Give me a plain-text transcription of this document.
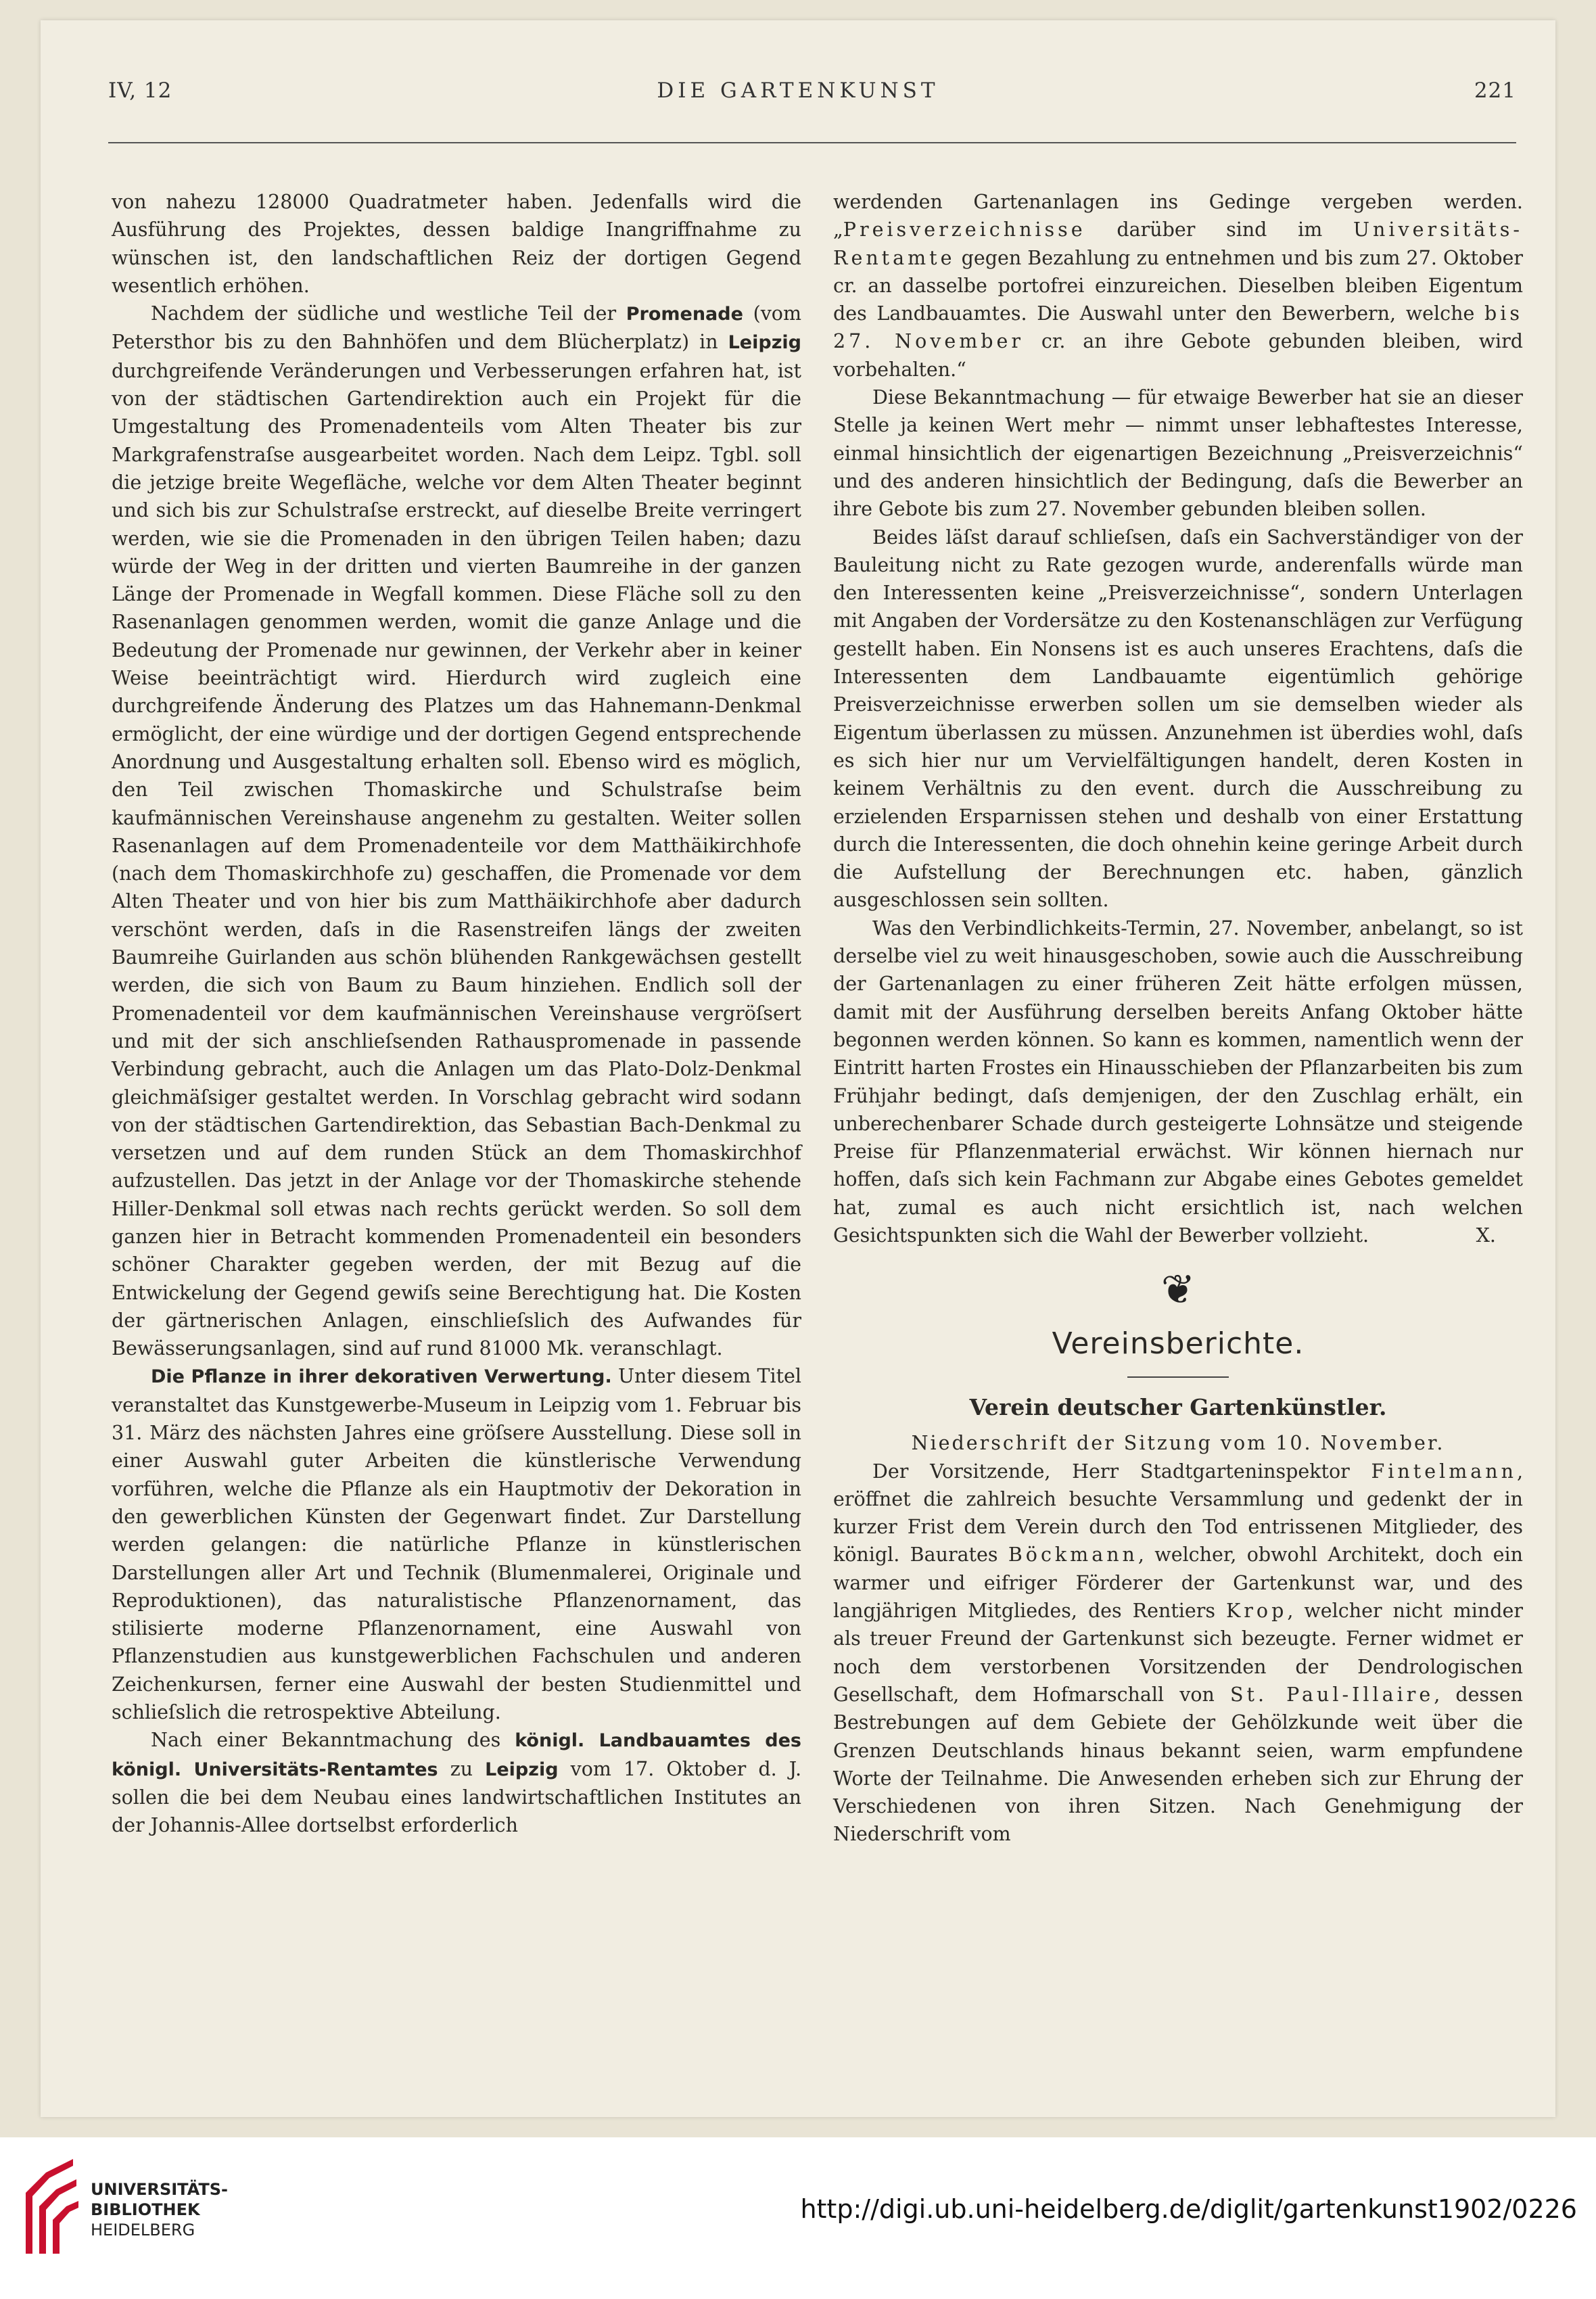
IV, 12	DIE GARTENKUNST	221

von nahezu 128000 Quadratmeter haben. Jedenfalls wird die Ausführung des Projektes, dessen baldige Inangriffnahme zu wünschen ist, den landschaftlichen Reiz der dortigen Gegend wesentlich erhöhen.

Nachdem der südliche und westliche Teil der Promenade (vom Petersthor bis zu den Bahnhöfen und dem Blücherplatz) in Leipzig durchgreifende Veränderungen und Verbesserungen erfahren hat, ist von der städtischen Gartendirektion auch ein Projekt für die Umgestaltung des Promenadenteils vom Alten Theater bis zur Markgrafenstraſse ausgearbeitet worden. Nach dem Leipz. Tgbl. soll die jetzige breite Wegefläche, welche vor dem Alten Theater beginnt und sich bis zur Schulstraſse erstreckt, auf dieselbe Breite verringert werden, wie sie die Promenaden in den übrigen Teilen haben; dazu würde der Weg in der dritten und vierten Baumreihe in der ganzen Länge der Promenade in Wegfall kommen. Diese Fläche soll zu den Rasenanlagen genommen werden, womit die ganze Anlage und die Bedeutung der Promenade nur gewinnen, der Verkehr aber in keiner Weise beeinträchtigt wird. Hierdurch wird zugleich eine durchgreifende Änderung des Platzes um das Hahnemann-Denkmal ermöglicht, der eine würdige und der dortigen Gegend entsprechende Anordnung und Ausgestaltung erhalten soll. Ebenso wird es möglich, den Teil zwischen Thomaskirche und Schulstraſse beim kaufmännischen Vereinshause angenehm zu gestalten. Weiter sollen Rasenanlagen auf dem Promenadenteile vor dem Matthäikirchhofe (nach dem Thomaskirchhofe zu) geschaffen, die Promenade vor dem Alten Theater und von hier bis zum Matthäikirchhofe aber dadurch verschönt werden, daſs in die Rasenstreifen längs der zweiten Baumreihe Guirlanden aus schön blühenden Rankgewächsen gestellt werden, die sich von Baum zu Baum hinziehen. Endlich soll der Promenadenteil vor dem kaufmännischen Vereinshause vergröſsert und mit der sich anschlieſsenden Rathauspromenade in passende Verbindung gebracht, auch die Anlagen um das Plato-Dolz-Denkmal gleichmäſsiger gestaltet werden. In Vorschlag gebracht wird sodann von der städtischen Gartendirektion, das Sebastian Bach-Denkmal zu versetzen und auf dem runden Stück an dem Thomaskirchhof aufzustellen. Das jetzt in der Anlage vor der Thomaskirche stehende Hiller-Denkmal soll etwas nach rechts gerückt werden. So soll dem ganzen hier in Betracht kommenden Promenadenteil ein besonders schöner Charakter gegeben werden, der mit Bezug auf die Entwickelung der Gegend gewiſs seine Berechtigung hat. Die Kosten der gärtnerischen Anlagen, einschlieſslich des Aufwandes für Bewässerungsanlagen, sind auf rund 81000 Mk. veranschlagt.

Die Pflanze in ihrer dekorativen Verwertung. Unter diesem Titel veranstaltet das Kunstgewerbe-Museum in Leipzig vom 1. Februar bis 31. März des nächsten Jahres eine gröſsere Ausstellung. Diese soll in einer Auswahl guter Arbeiten die künstlerische Verwendung vorführen, welche die Pflanze als ein Hauptmotiv der Dekoration in den gewerblichen Künsten der Gegenwart findet. Zur Darstellung werden gelangen: die natürliche Pflanze in künstlerischen Darstellungen aller Art und Technik (Blumenmalerei, Originale und Reproduktionen), das naturalistische Pflanzenornament, das stilisierte moderne Pflanzenornament, eine Auswahl von Pflanzenstudien aus kunstgewerblichen Fachschulen und anderen Zeichenkursen, ferner eine Auswahl der besten Studienmittel und schlieſslich die retrospektive Abteilung.

Nach einer Bekanntmachung des königl. Landbauamtes des königl. Universitäts-Rentamtes zu Leipzig vom 17. Oktober d. J. sollen die bei dem Neubau eines landwirtschaftlichen Institutes an der Johannis-Allee dortselbst erforderlich

werdenden Gartenanlagen ins Gedinge vergeben werden. „Preisverzeichnisse darüber sind im Universitäts-Rentamte gegen Bezahlung zu entnehmen und bis zum 27. Oktober cr. an dasselbe portofrei einzureichen. Dieselben bleiben Eigentum des Landbauamtes. Die Auswahl unter den Bewerbern, welche bis 27. November cr. an ihre Gebote gebunden bleiben, wird vorbehalten.“

Diese Bekanntmachung — für etwaige Bewerber hat sie an dieser Stelle ja keinen Wert mehr — nimmt unser lebhaftestes Interesse, einmal hinsichtlich der eigenartigen Bezeichnung „Preisverzeichnis“ und des anderen hinsichtlich der Bedingung, daſs die Bewerber an ihre Gebote bis zum 27. November gebunden bleiben sollen.

Beides läſst darauf schlieſsen, daſs ein Sachverständiger von der Bauleitung nicht zu Rate gezogen wurde, anderenfalls würde man den Interessenten keine „Preisverzeichnisse“, sondern Unterlagen mit Angaben der Vordersätze zu den Kostenanschlägen zur Verfügung gestellt haben. Ein Nonsens ist es auch unseres Erachtens, daſs die Interessenten dem Landbauamte eigentümlich gehörige Preisverzeichnisse erwerben sollen um sie demselben wieder als Eigentum überlassen zu müssen. Anzunehmen ist überdies wohl, daſs es sich hier nur um Vervielfältigungen handelt, deren Kosten in keinem Verhältnis zu den event. durch die Ausschreibung zu erzielenden Ersparnissen stehen und deshalb von einer Erstattung durch die Interessenten, die doch ohnehin keine geringe Arbeit durch die Aufstellung der Berechnungen etc. haben, gänzlich ausgeschlossen sein sollten.

Was den Verbindlichkeits-Termin, 27. November, anbelangt, so ist derselbe viel zu weit hinausgeschoben, sowie auch die Ausschreibung der Gartenanlagen zu einer früheren Zeit hätte erfolgen müssen, damit mit der Ausführung derselben bereits Anfang Oktober hätte begonnen werden können. So kann es kommen, namentlich wenn der Eintritt harten Frostes ein Hinausschieben der Pflanzarbeiten bis zum Frühjahr bedingt, daſs demjenigen, der den Zuschlag erhält, ein unberechenbarer Schade durch gesteigerte Lohnsätze und steigende Preise für Pflanzenmaterial erwächst. Wir können hiernach nur hoffen, daſs sich kein Fachmann zur Abgabe eines Gebotes gemeldet hat, zumal es auch nicht ersichtlich ist, nach welchen Gesichtspunkten sich die Wahl der Bewerber vollzieht.	X.

❦
Vereinsberichte.
Verein deutscher Gartenkünstler.

Niederschrift der Sitzung vom 10. November.

Der Vorsitzende, Herr Stadtgarteninspektor Fintelmann, eröffnet die zahlreich besuchte Versammlung und gedenkt der in kurzer Frist dem Verein durch den Tod entrissenen Mitglieder, des königl. Baurates Böckmann, welcher, obwohl Architekt, doch ein warmer und eifriger Förderer der Gartenkunst war, und des langjährigen Mitgliedes, des Rentiers Krop, welcher nicht minder als treuer Freund der Gartenkunst sich bezeugte. Ferner widmet er noch dem verstorbenen Vorsitzenden der Dendrologischen Gesellschaft, dem Hofmarschall von St. Paul-Illaire, dessen Bestrebungen auf dem Gebiete der Gehölzkunde weit über die Grenzen Deutschlands hinaus bekannt seien, warm empfundene Worte der Teilnahme. Die Anwesenden erheben sich zur Ehrung der Verschiedenen von ihren Sitzen. Nach Genehmigung der Niederschrift vom

UNIVERSITÄTS-
BIBLIOTHEK
HEIDELBERG
http://digi.ub.uni-heidelberg.de/diglit/gartenkunst1902/0226
